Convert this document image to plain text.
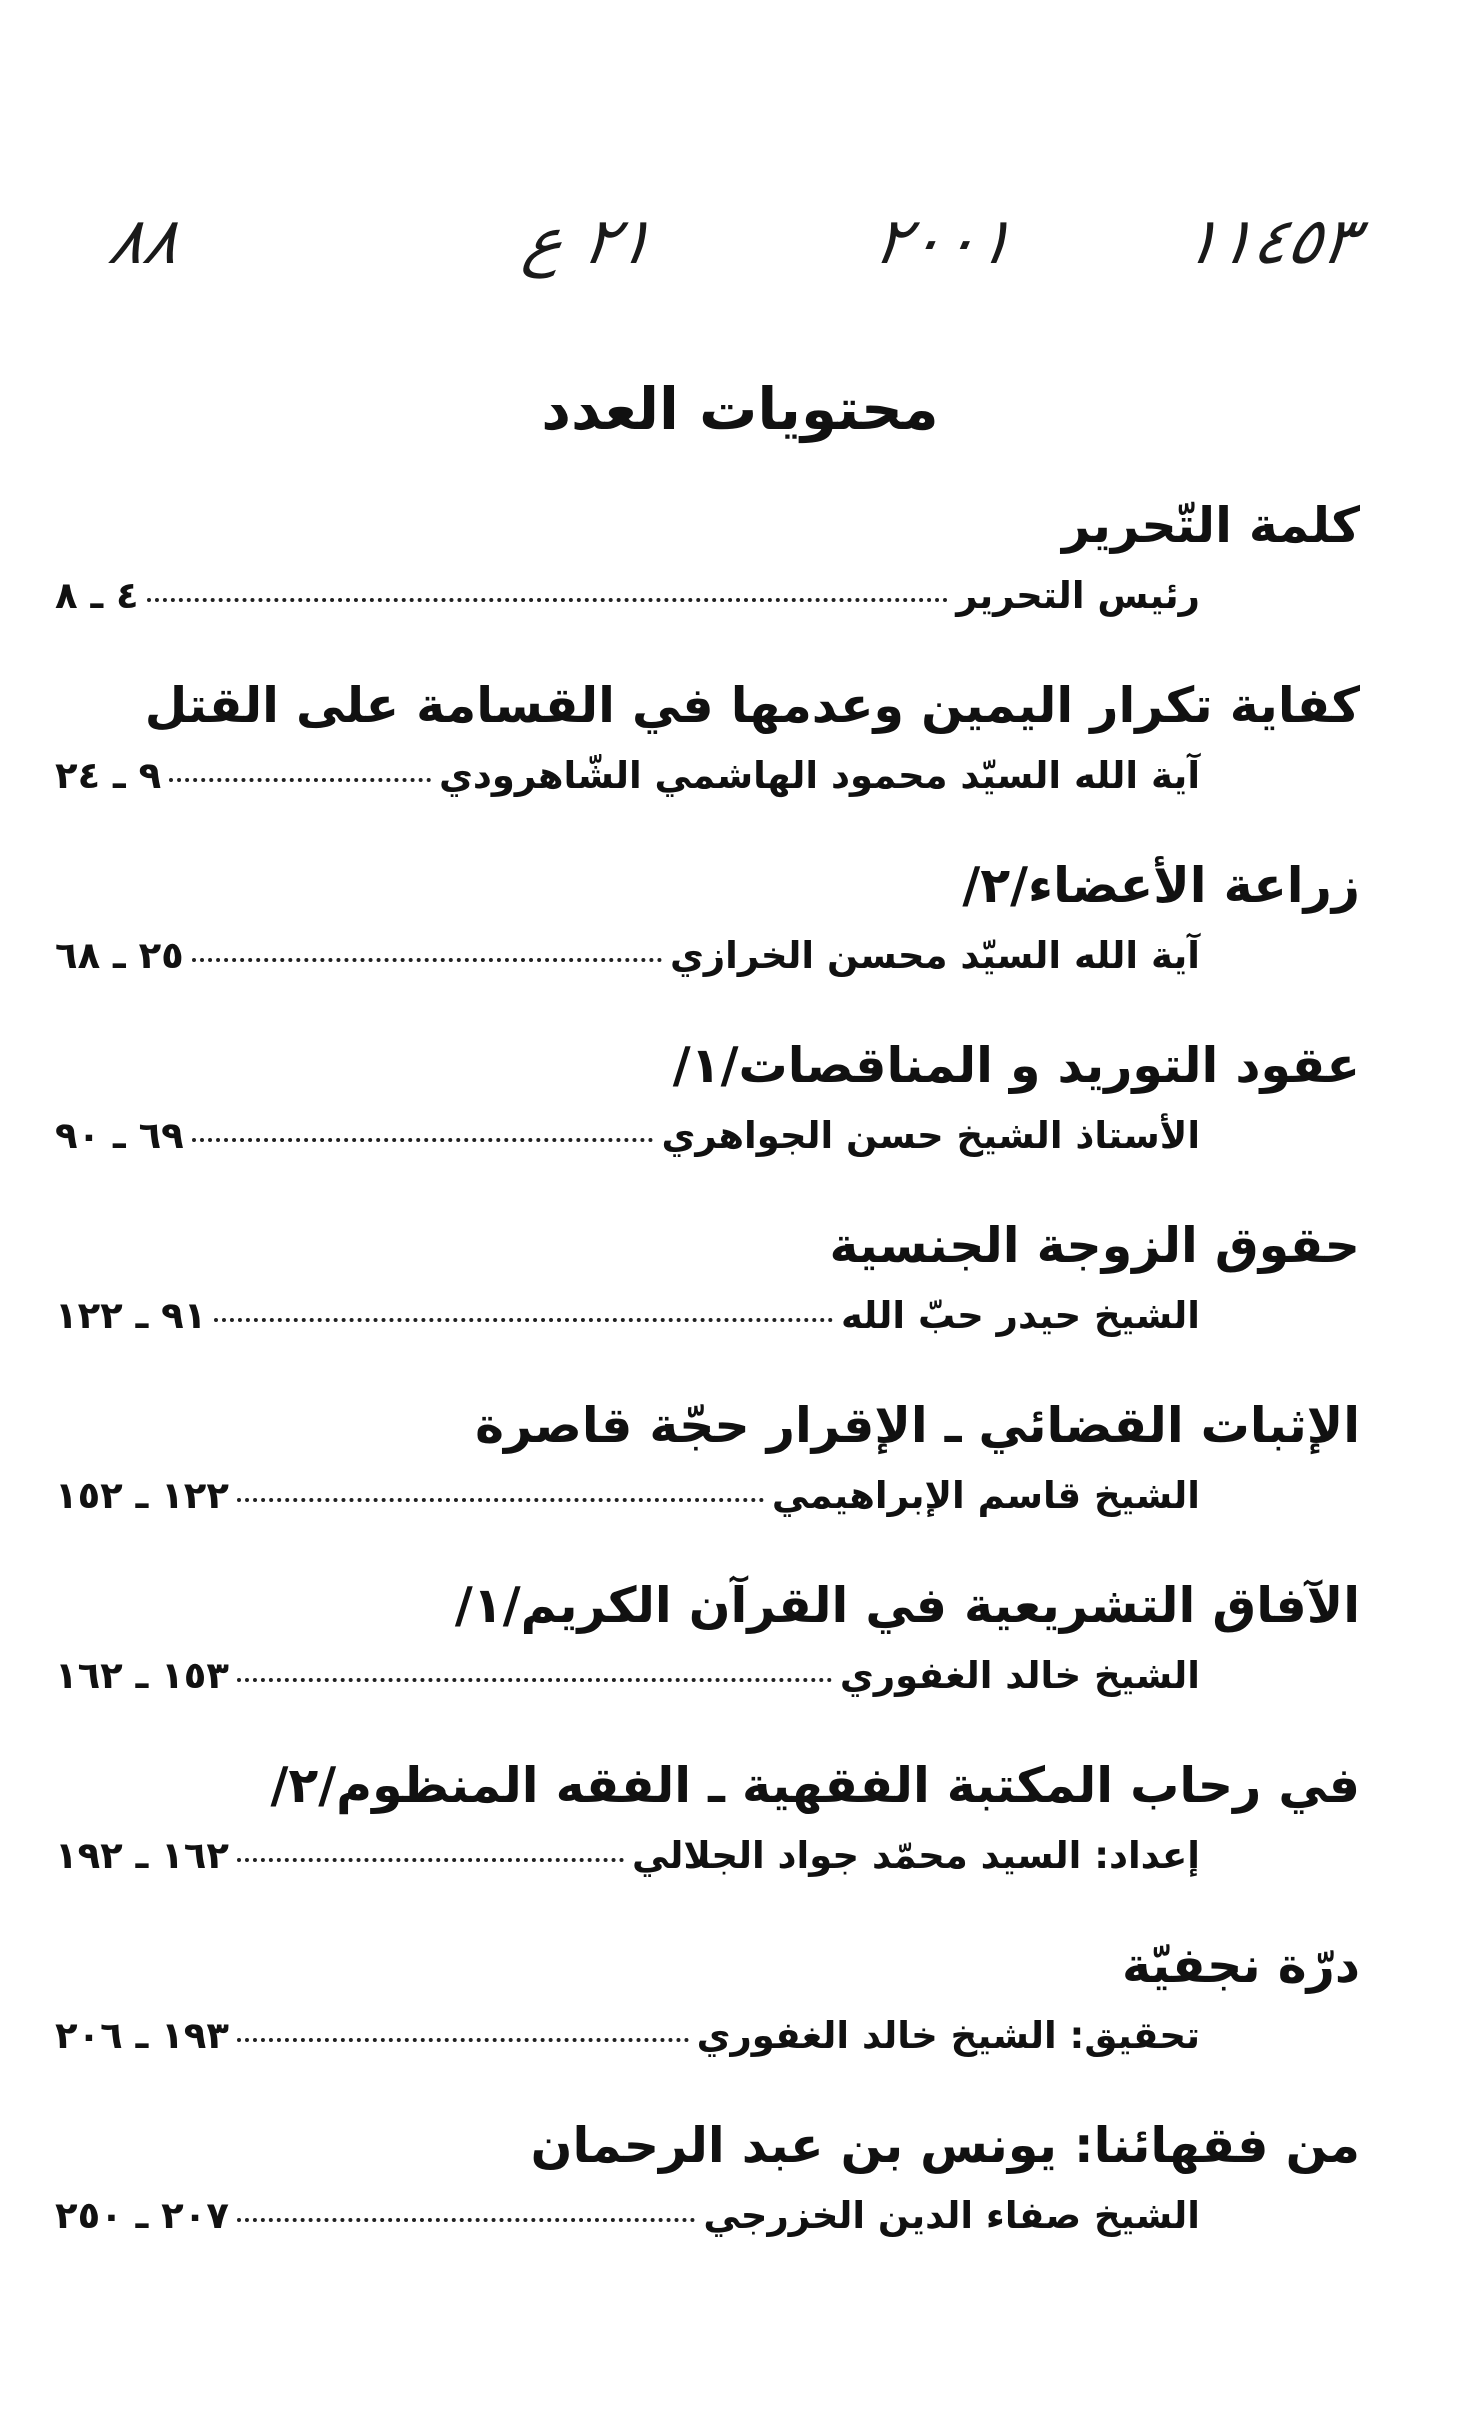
٨٨	٢١ ع	٢٠٠١ ١١٤٥٣
محتويات العدد
كلمة التّحرير
رئيس التحرير
٤ ـ ٨
كفاية تكرار اليمين وعدمها في القسامة على القتل
آية الله السيّد محمود الهاشمي الشّاهرودي
٩ ـ ٢٤
زراعة الأعضاء/٢/
آية الله السيّد محسن الخرازي
٢٥ ـ ٦٨
عقود التوريد و المناقصات/١/
الأستاذ الشيخ حسن الجواهري
٦٩ ـ ٩٠
حقوق الزوجة الجنسية
الشيخ حيدر حبّ الله
٩١ ـ ١٢٢
الإثبات القضائي ـ الإقرار حجّة قاصرة
الشيخ قاسم الإبراهيمي
١٢٢ ـ ١٥٢
الآفاق التشريعية في القرآن الكريم/١/
الشيخ خالد الغفوري
١٥٣ ـ ١٦٢
في رحاب المكتبة الفقهية ـ الفقه المنظوم/٢/
إعداد: السيد محمّد جواد الجلالي
١٦٢ ـ ١٩٢
درّة نجفيّة
تحقيق: الشيخ خالد الغفوري
١٩٣ ـ ٢٠٦
من فقهائنا: يونس بن عبد الرحمان
الشيخ صفاء الدين الخزرجي
٢٠٧ ـ ٢٥٠
